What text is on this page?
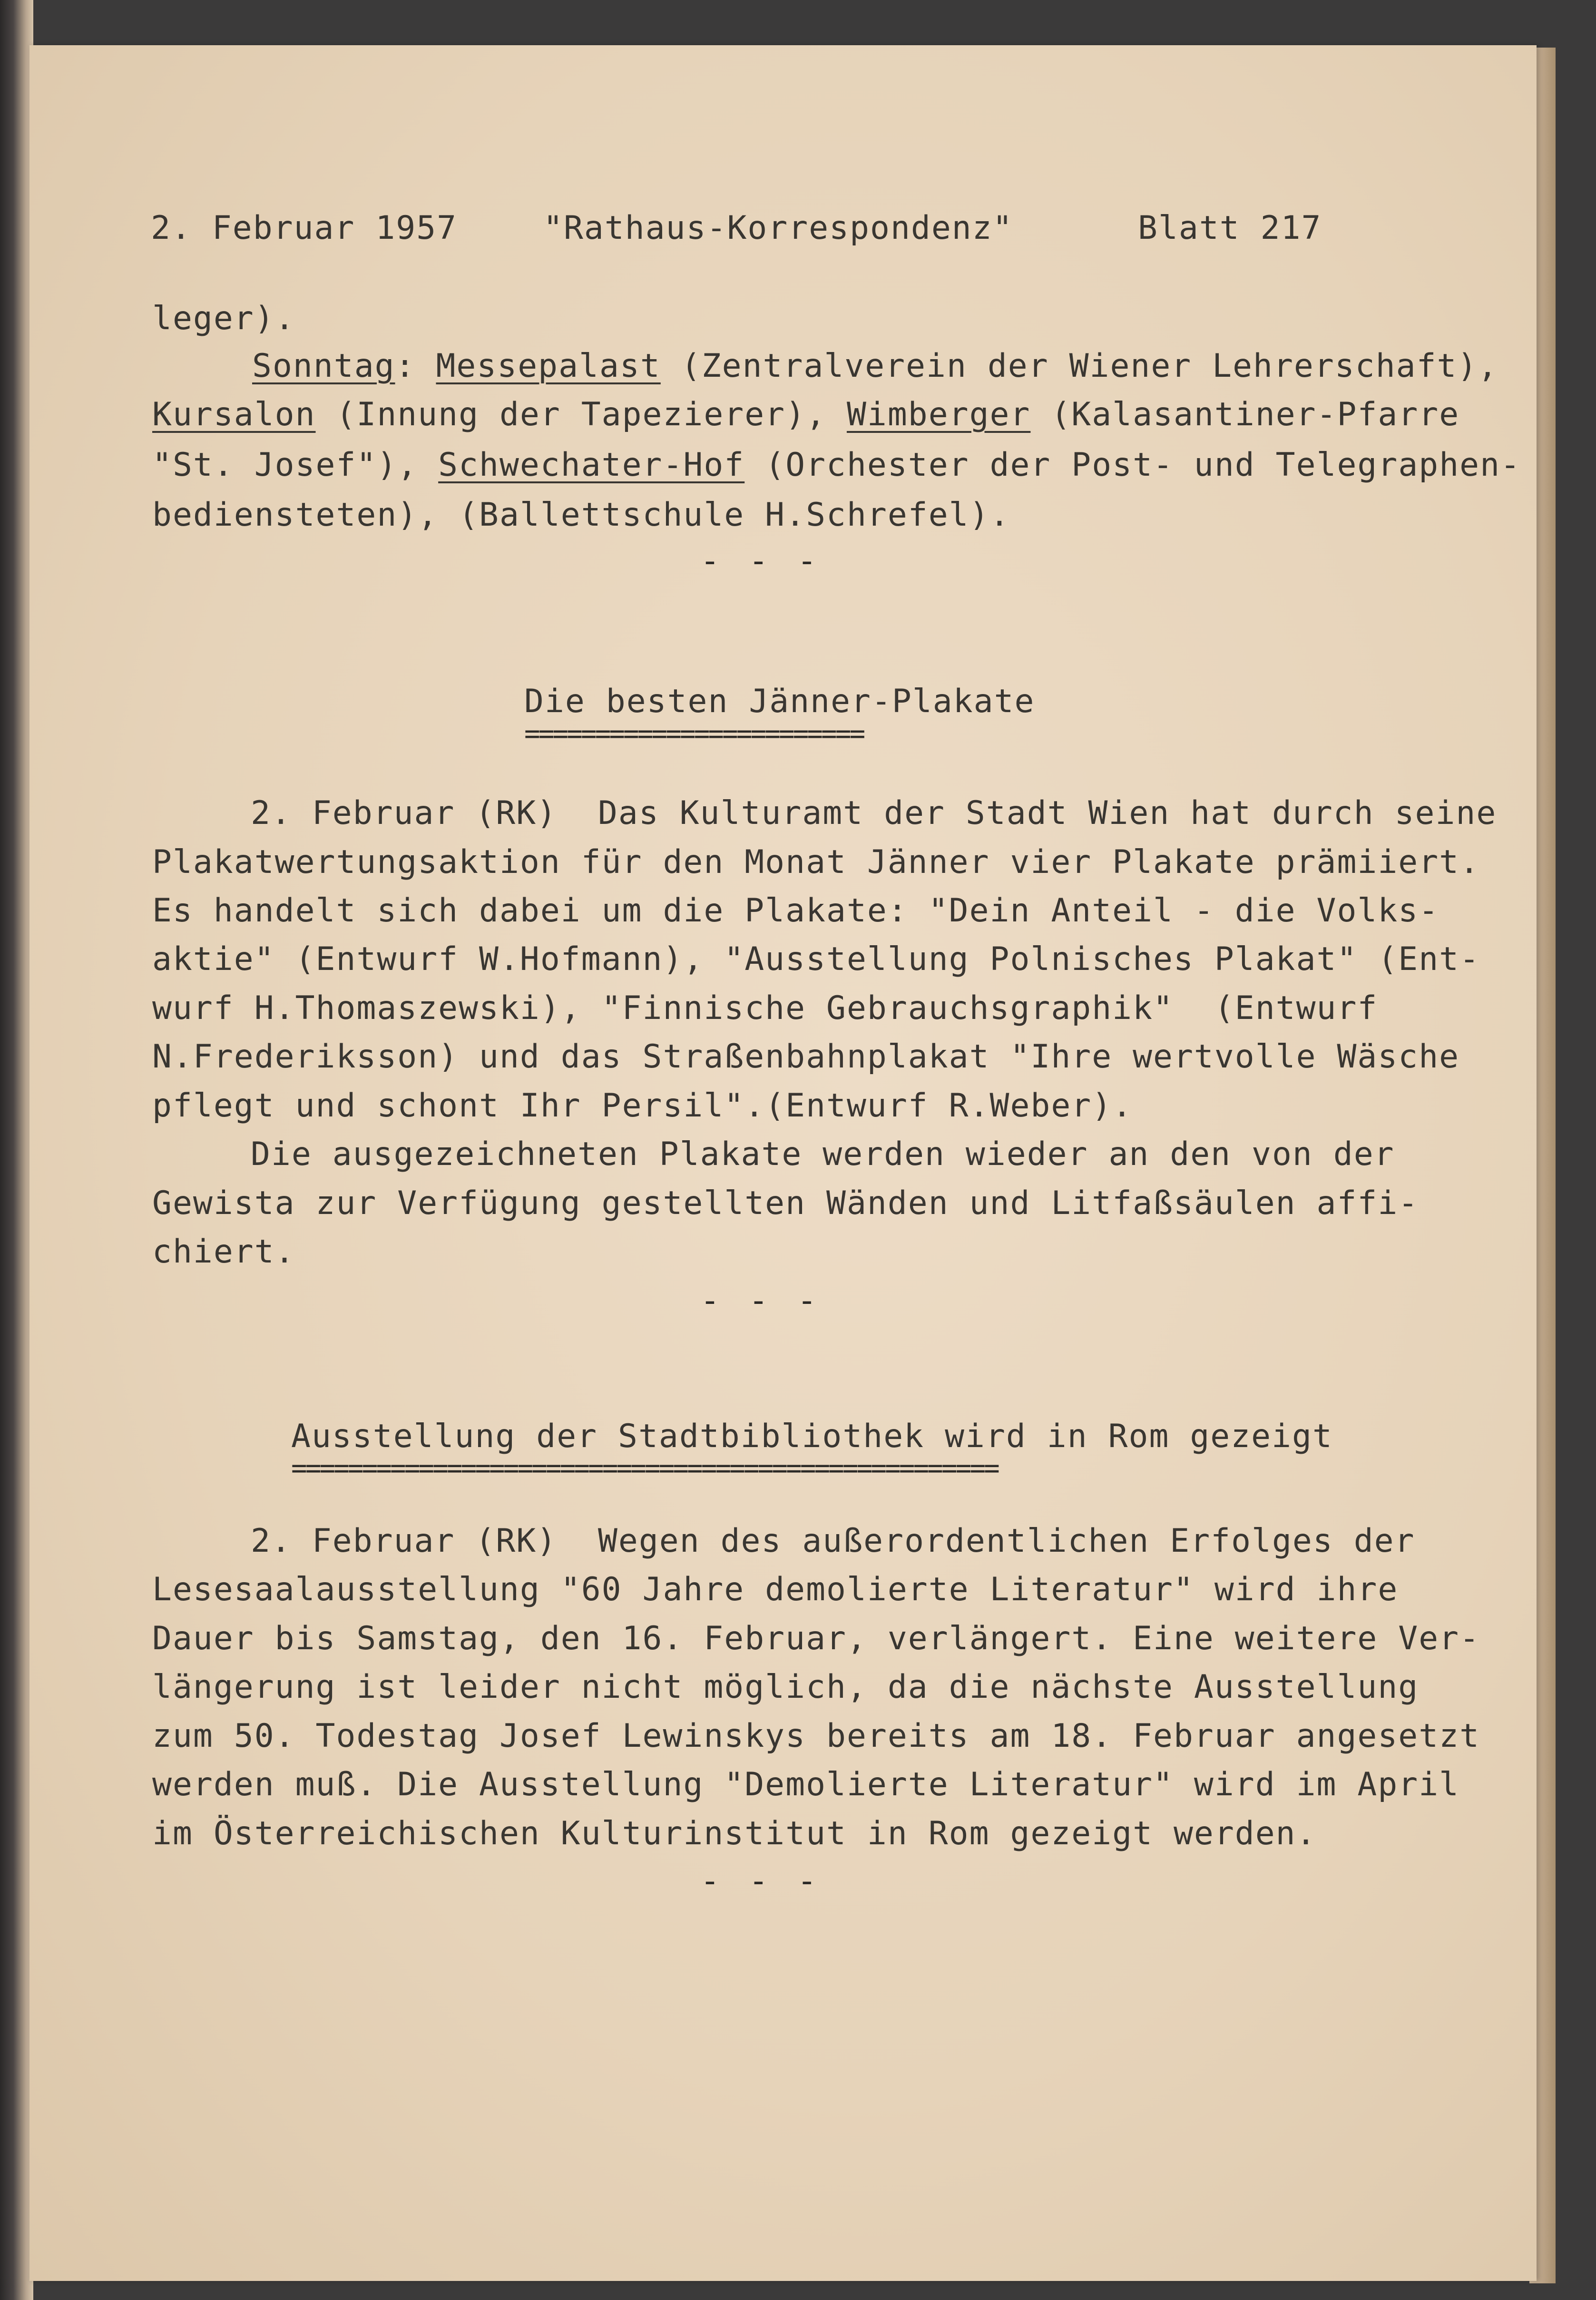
2. Februar 1957	"Rathaus-Korrespondenz"	Blatt 217

leger).

Sonntag: Messepalast (Zentralverein der Wiener Lehrerschaft),

Kursalon (Innung der Tapezierer), Wimberger (Kalasantiner-Pfarre

"St. Josef"), Schwechater-Hof (Orchester der Post- und Telegraphen-

bediensteten), (Ballettschule H.Schrefel).

- - -

Die besten Jänner-Plakate

========================

2. Februar (RK)  Das Kulturamt der Stadt Wien hat durch seine

Plakatwertungsaktion für den Monat Jänner vier Plakate prämiiert.

Es handelt sich dabei um die Plakate: "Dein Anteil - die Volks-

aktie" (Entwurf W.Hofmann), "Ausstellung Polnisches Plakat" (Ent-

wurf H.Thomaszewski), "Finnische Gebrauchsgraphik"  (Entwurf

N.Frederiksson) und das Straßenbahnplakat "Ihre wertvolle Wäsche

pflegt und schont Ihr Persil".(Entwurf R.Weber).

Die ausgezeichneten Plakate werden wieder an den von der

Gewista zur Verfügung gestellten Wänden und Litfaßsäulen affi-

chiert.

- - -

Ausstellung der Stadtbibliothek wird in Rom gezeigt

==================================================

2. Februar (RK)  Wegen des außerordentlichen Erfolges der

Lesesaalausstellung "60 Jahre demolierte Literatur" wird ihre

Dauer bis Samstag, den 16. Februar, verlängert. Eine weitere Ver-

längerung ist leider nicht möglich, da die nächste Ausstellung

zum 50. Todestag Josef Lewinskys bereits am 18. Februar angesetzt

werden muß. Die Ausstellung "Demolierte Literatur" wird im April

im Österreichischen Kulturinstitut in Rom gezeigt werden.

- - -
